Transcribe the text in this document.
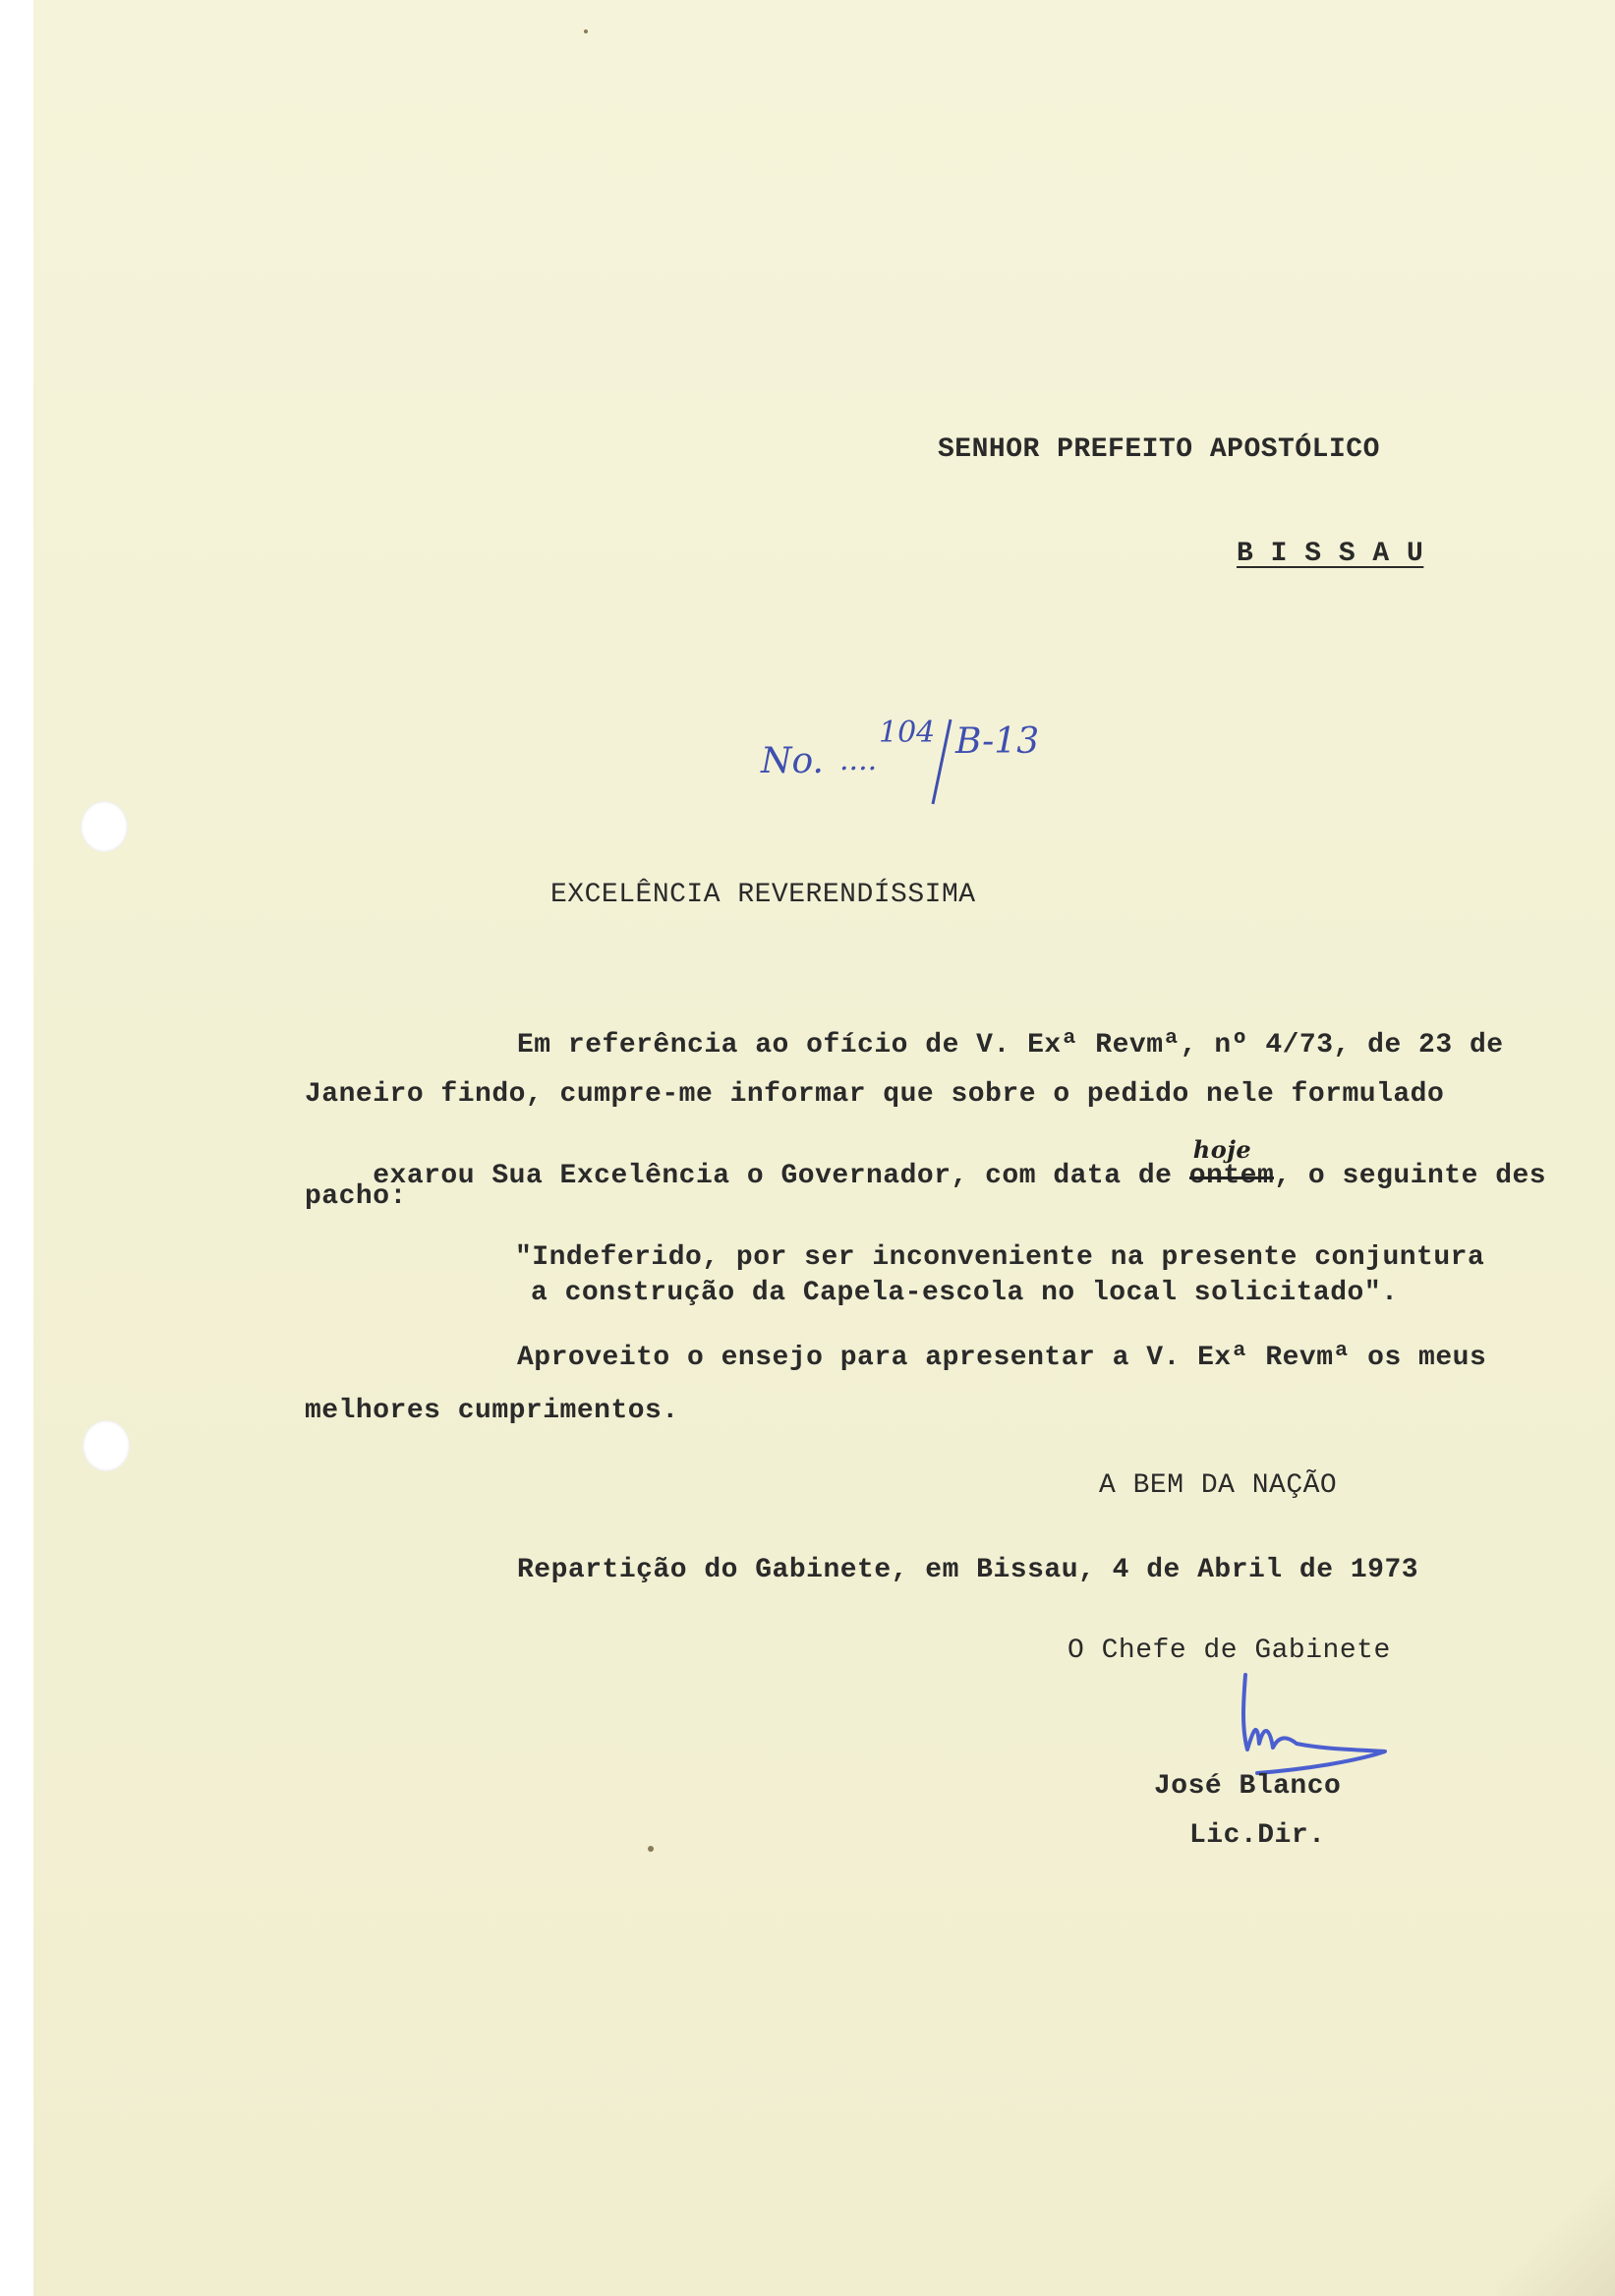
SENHOR PREFEITO APOSTÓLICO
B I S S A U
No. ....
104 B-13
EXCELÊNCIA REVERENDÍSSIMA
Em referência ao ofício de V. Exª Revmª, nº 4/73, de 23 de
Janeiro findo, cumpre-me informar que sobre o pedido nele formulado

exarou Sua Excelência o Governador, com data de ontem
hoje
, o seguinte des

pacho:
"Indeferido, por ser inconveniente na presente conjuntura
a construção da Capela-escola no local solicitado".
Aproveito o ensejo para apresentar a V. Exª Revmª os meus
melhores cumprimentos.
A BEM DA NAÇÃO
Repartição do Gabinete, em Bissau, 4 de Abril de 1973
O Chefe de Gabinete
José Blanco
Lic.Dir.
